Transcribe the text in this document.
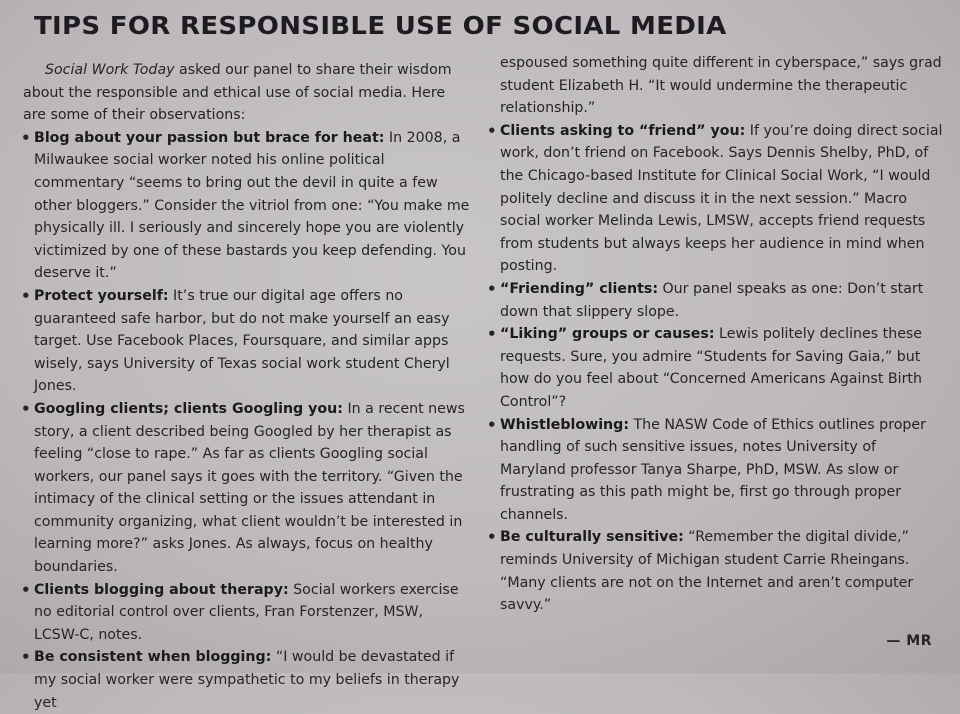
TIPS FOR RESPONSIBLE USE OF SOCIAL MEDIA

Social Work Today asked our panel to share their wisdom about the responsible and ethical use of social media. Here are some of their observations:

• Blog about your passion but brace for heat: In 2008, a Milwaukee social worker noted his online political commentary “seems to bring out the devil in quite a few other bloggers.” Consider the vitriol from one: “You make me physically ill. I seriously and sincerely hope you are violently victimized by one of these bastards you keep defending. You deserve it.”
• Protect yourself: It’s true our digital age offers no guaranteed safe harbor, but do not make yourself an easy target. Use Facebook Places, Foursquare, and similar apps wisely, says University of Texas social work student Cheryl Jones.
• Googling clients; clients Googling you: In a recent news story, a client described being Googled by her therapist as feeling “close to rape.” As far as clients Googling social workers, our panel says it goes with the territory. “Given the intimacy of the clinical setting or the issues attendant in community organizing, what client wouldn’t be interested in learning more?” asks Jones. As always, focus on healthy boundaries.
• Clients blogging about therapy: Social workers exercise no editorial control over clients, Fran Forstenzer, MSW, LCSW-C, notes.
• Be consistent when blogging: “I would be devastated if my social worker were sympathetic to my beliefs in therapy yet

espoused something quite different in cyberspace,” says grad student Elizabeth H. “It would undermine the therapeutic relationship.”

• Clients asking to “friend” you: If you’re doing direct social work, don’t friend on Facebook. Says Dennis Shelby, PhD, of the Chicago-based Institute for Clinical Social Work, “I would politely decline and discuss it in the next session.” Macro social worker Melinda Lewis, LMSW, accepts friend requests from students but always keeps her audience in mind when posting.
• “Friending” clients: Our panel speaks as one: Don’t start down that slippery slope.
• “Liking” groups or causes: Lewis politely declines these requests. Sure, you admire “Students for Saving Gaia,” but how do you feel about “Concerned Americans Against Birth Control”?
• Whistleblowing: The NASW Code of Ethics outlines proper handling of such sensitive issues, notes University of Maryland professor Tanya Sharpe, PhD, MSW. As slow or frustrating as this path might be, first go through proper channels.
• Be culturally sensitive: “Remember the digital divide,” reminds University of Michigan student Carrie Rheingans. “Many clients are not on the Internet and aren’t computer savvy.”
— MR
